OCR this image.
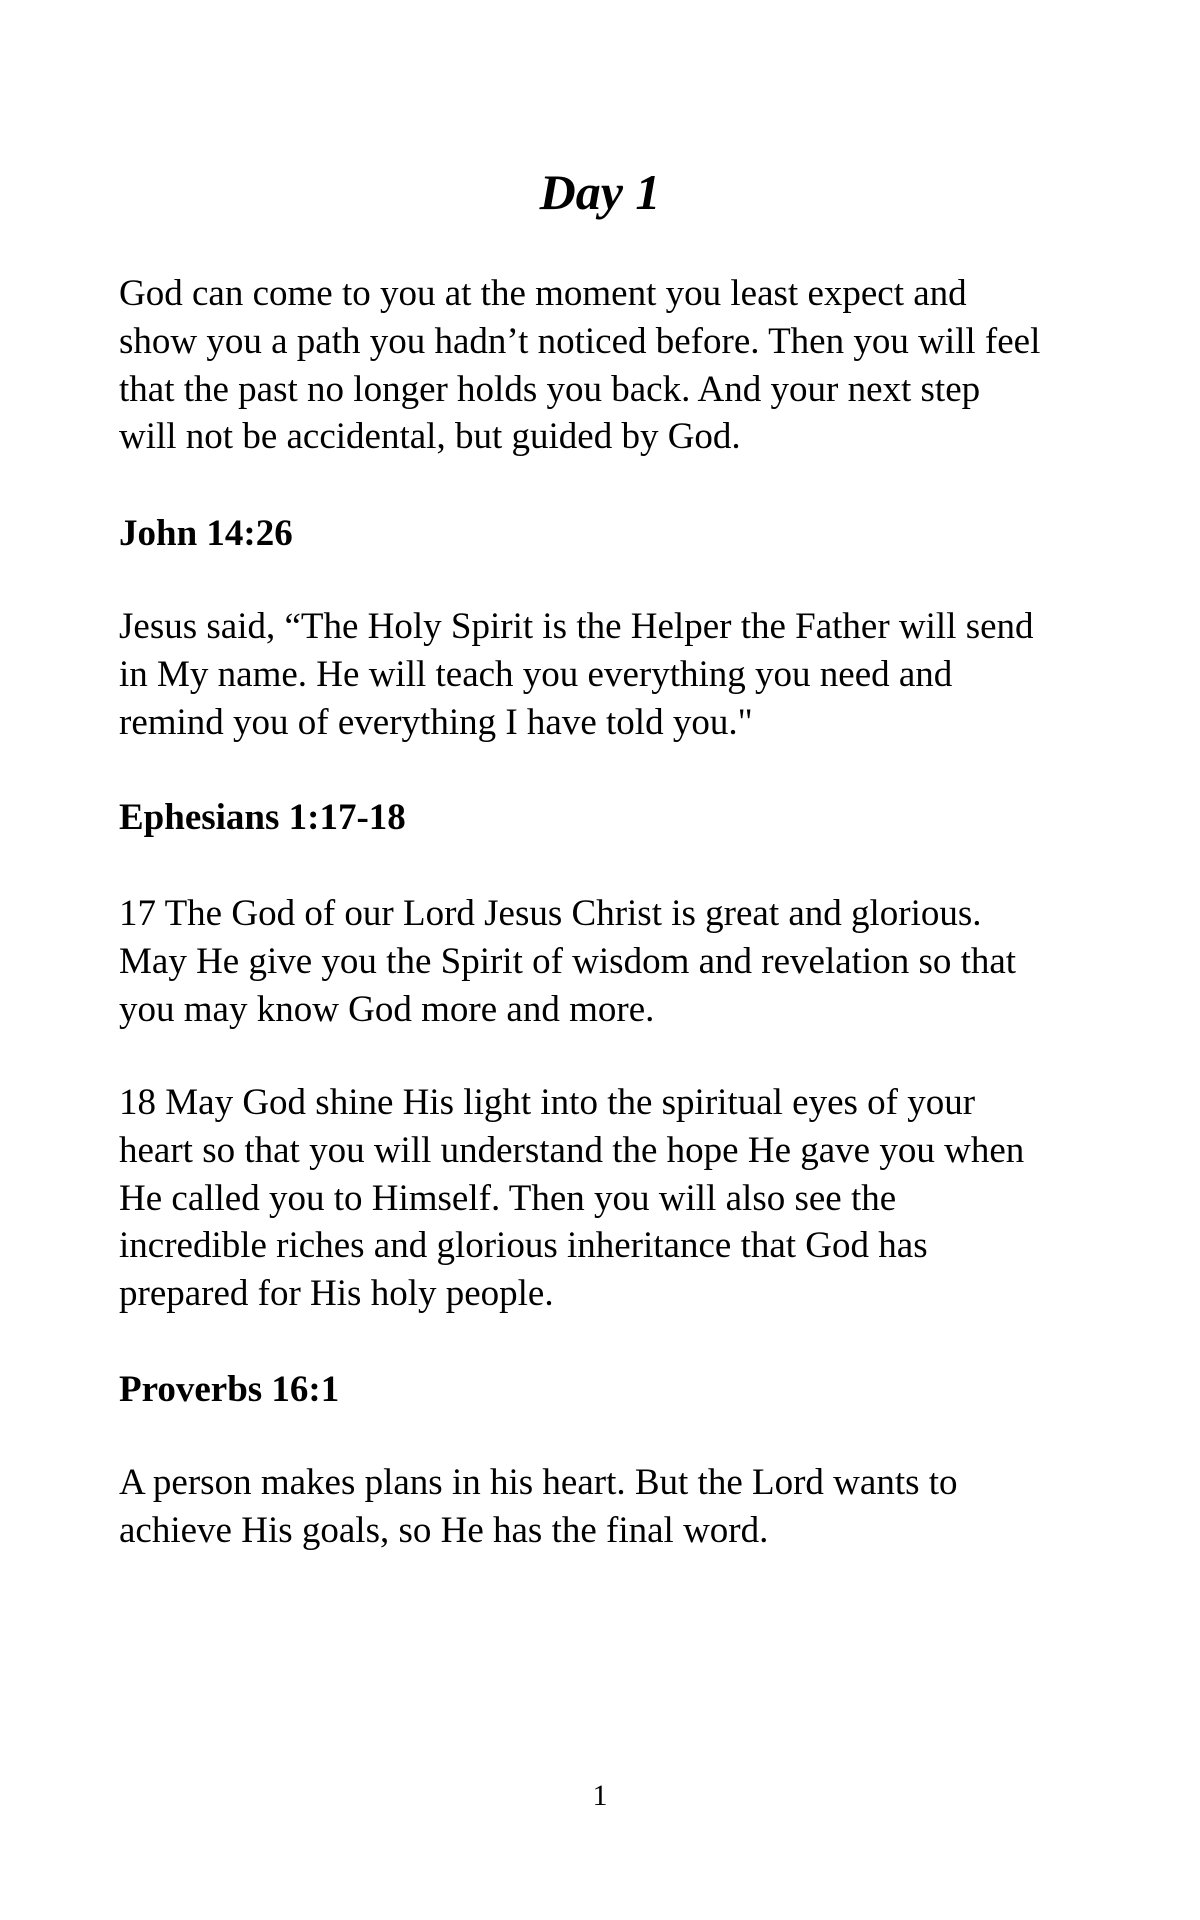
Day 1
God can come to you at the moment you least expect and
show you a path you hadn’t noticed before. Then you will feel
that the past no longer holds you back. And your next step
will not be accidental, but guided by God.
John 14:26
Jesus said, “The Holy Spirit is the Helper the Father will send
in My name. He will teach you everything you need and
remind you of everything I have told you."
Ephesians 1:17-18
17 The God of our Lord Jesus Christ is great and glorious.
May He give you the Spirit of wisdom and revelation so that
you may know God more and more.
18 May God shine His light into the spiritual eyes of your
heart so that you will understand the hope He gave you when
He called you to Himself. Then you will also see the
incredible riches and glorious inheritance that God has
prepared for His holy people.
Proverbs 16:1
A person makes plans in his heart. But the Lord wants to
achieve His goals, so He has the final word.
1
